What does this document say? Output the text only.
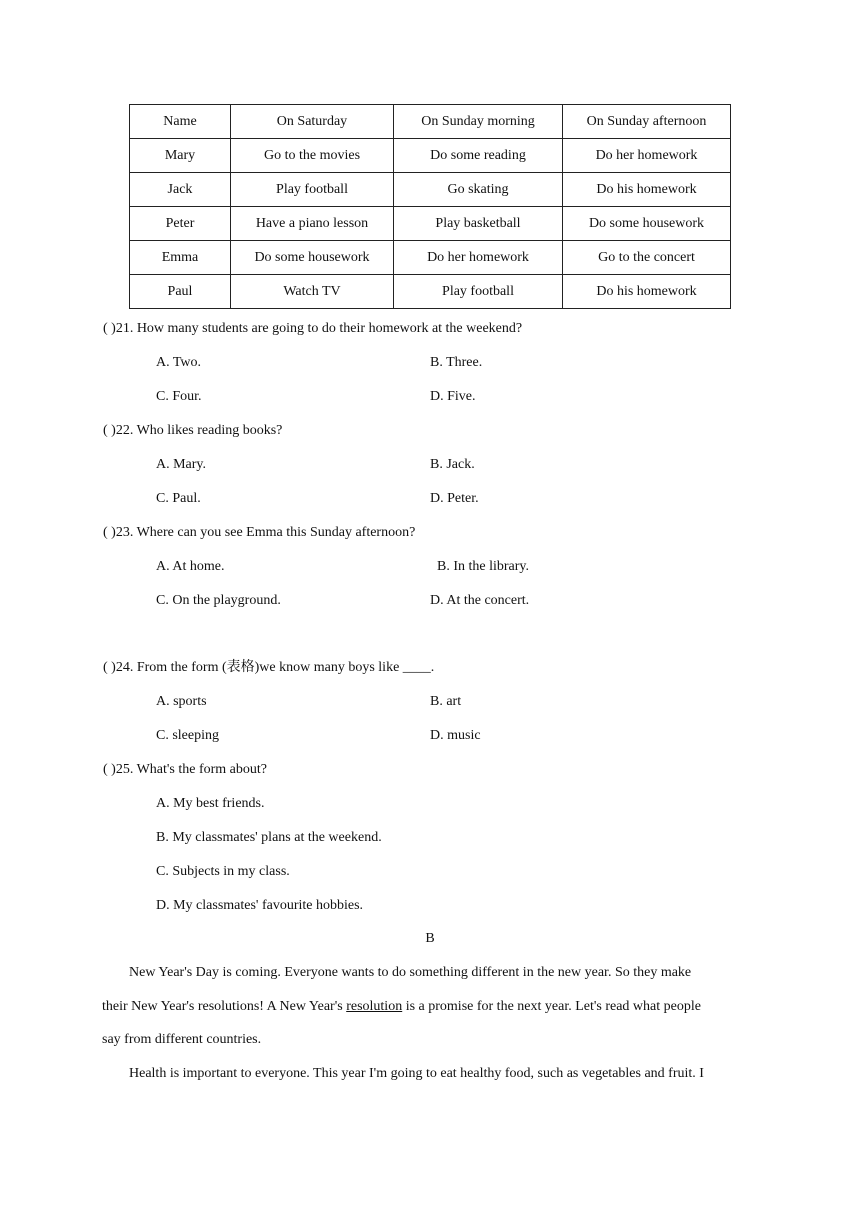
Name	On Saturday	On Sunday morning	On Sunday afternoon
Mary	Go to the movies	Do some reading	Do her homework
Jack	Play football	Go skating	Do his homework
Peter	Have a piano lesson	Play basketball	Do some housework
Emma	Do some housework	Do her homework	Go to the concert
Paul	Watch TV	Play football	Do his homework
( )21. How many students are going to do their homework at the weekend?
A. Two.	B. Three.
C. Four.	D. Five.
( )22. Who likes reading books?
A. Mary.	B. Jack.
C. Paul.	D. Peter.
( )23. Where can you see Emma this Sunday afternoon?
A. At home.	B. In the library.
C. On the playground.	D. At the concert.
( )24. From the form (表格)we know many boys like ____.
A. sports	B. art
C. sleeping	D. music
( )25. What's the form about?
A. My best friends.
B. My classmates' plans at the weekend.
C. Subjects in my class.
D. My classmates' favourite hobbies.
B
New Year's Day is coming. Everyone wants to do something different in the new year. So they make
their New Year's resolutions! A New Year's resolution is a promise for the next year. Let's read what people
say from different countries.
Health is important to everyone. This year I'm going to eat healthy food, such as vegetables and fruit. I
